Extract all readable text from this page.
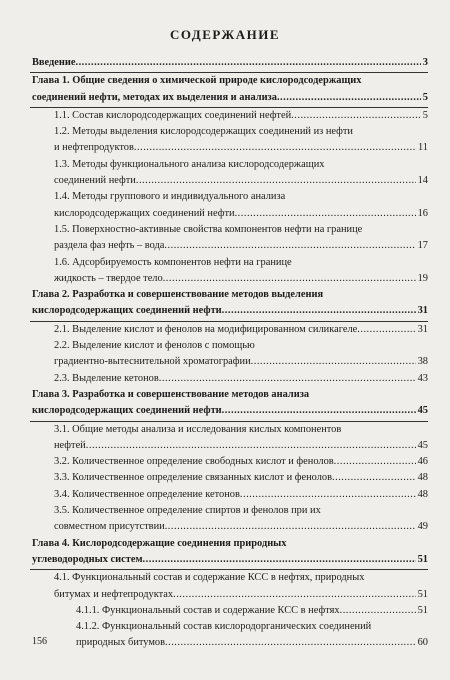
СОДЕРЖАНИЕ
Введение .....	3
Глава 1. Общие сведения о химической природе кислородсодержащих
соединений нефти, методах их выделения и анализа .....	5
1.1. Состав кислородсодержащих соединений нефтей .....	5
1.2. Методы выделения кислородсодержащих соединений из нефти
и нефтепродуктов .....	11
1.3. Методы функционального анализа кислородсодержащих
соединений нефти .....	14
1.4. Методы группового и индивидуального анализа
кислородсодержащих соединений нефти .....	16
1.5. Поверхностно-активные свойства компонентов нефти на границе
раздела фаз нефть – вода .....	17
1.6. Адсорбируемость компонентов нефти на границе
жидкость – твердое тело .....	19
Глава 2. Разработка и совершенствование методов выделения
кислородсодержащих соединений нефти .....	31
2.1. Выделение кислот и фенолов на модифицированном силикагеле .....	31
2.2. Выделение кислот и фенолов с помощью
градиентно-вытеснительной хроматографии .....	38
2.3. Выделение кетонов .....	43
Глава 3. Разработка и совершенствование методов анализа
кислородсодержащих соединений нефти .....	45
3.1. Общие методы анализа и исследования кислых компонентов
нефтей .....	45
3.2. Количественное определение свободных кислот и фенолов .....	46
3.3. Количественное определение связанных кислот и фенолов .....	48
3.4. Количественное определение кетонов .....	48
3.5. Количественное определение спиртов и фенолов при их
совместном присутствии .....	49
Глава 4. Кислородсодержащие соединения природных
углеводородных систем .....	51
4.1. Функциональный состав и содержание КСС в нефтях, природных
битумах и нефтепродуктах .....	51
4.1.1. Функциональный состав и содержание КСС в нефтях .....	51
4.1.2. Функциональный состав кислородорганических соединений
природных битумов .....	60
156
